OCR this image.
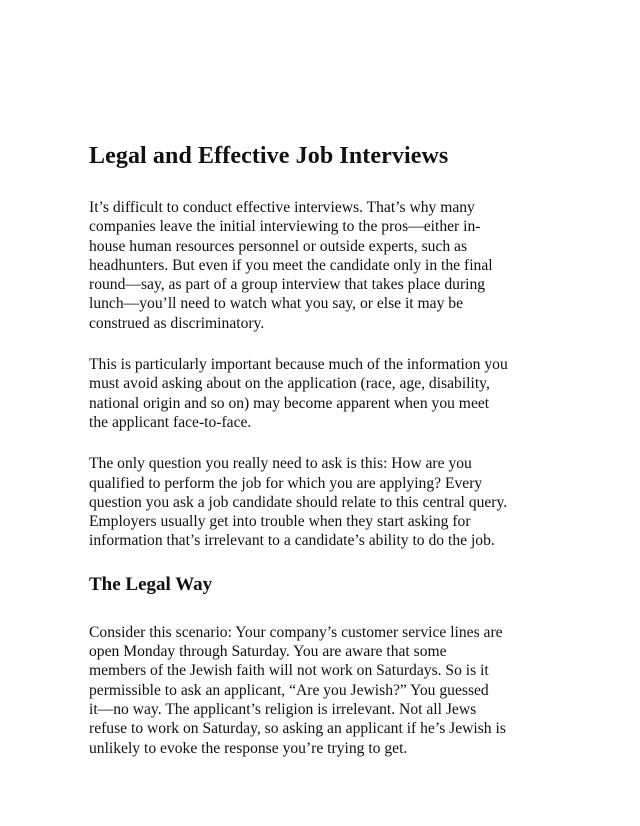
Legal and Effective Job Interviews
It’s difficult to conduct effective interviews. That’s why many
companies leave the initial interviewing to the pros—either in-
house human resources personnel or outside experts, such as
headhunters. But even if you meet the candidate only in the final
round—say, as part of a group interview that takes place during
lunch—you’ll need to watch what you say, or else it may be
construed as discriminatory.
This is particularly important because much of the information you
must avoid asking about on the application (race, age, disability,
national origin and so on) may become apparent when you meet
the applicant face-to-face.
The only question you really need to ask is this: How are you
qualified to perform the job for which you are applying? Every
question you ask a job candidate should relate to this central query.
Employers usually get into trouble when they start asking for
information that’s irrelevant to a candidate’s ability to do the job.
The Legal Way
Consider this scenario: Your company’s customer service lines are
open Monday through Saturday. You are aware that some
members of the Jewish faith will not work on Saturdays. So is it
permissible to ask an applicant, “Are you Jewish?” You guessed
it—no way. The applicant’s religion is irrelevant. Not all Jews
refuse to work on Saturday, so asking an applicant if he’s Jewish is
unlikely to evoke the response you’re trying to get.
